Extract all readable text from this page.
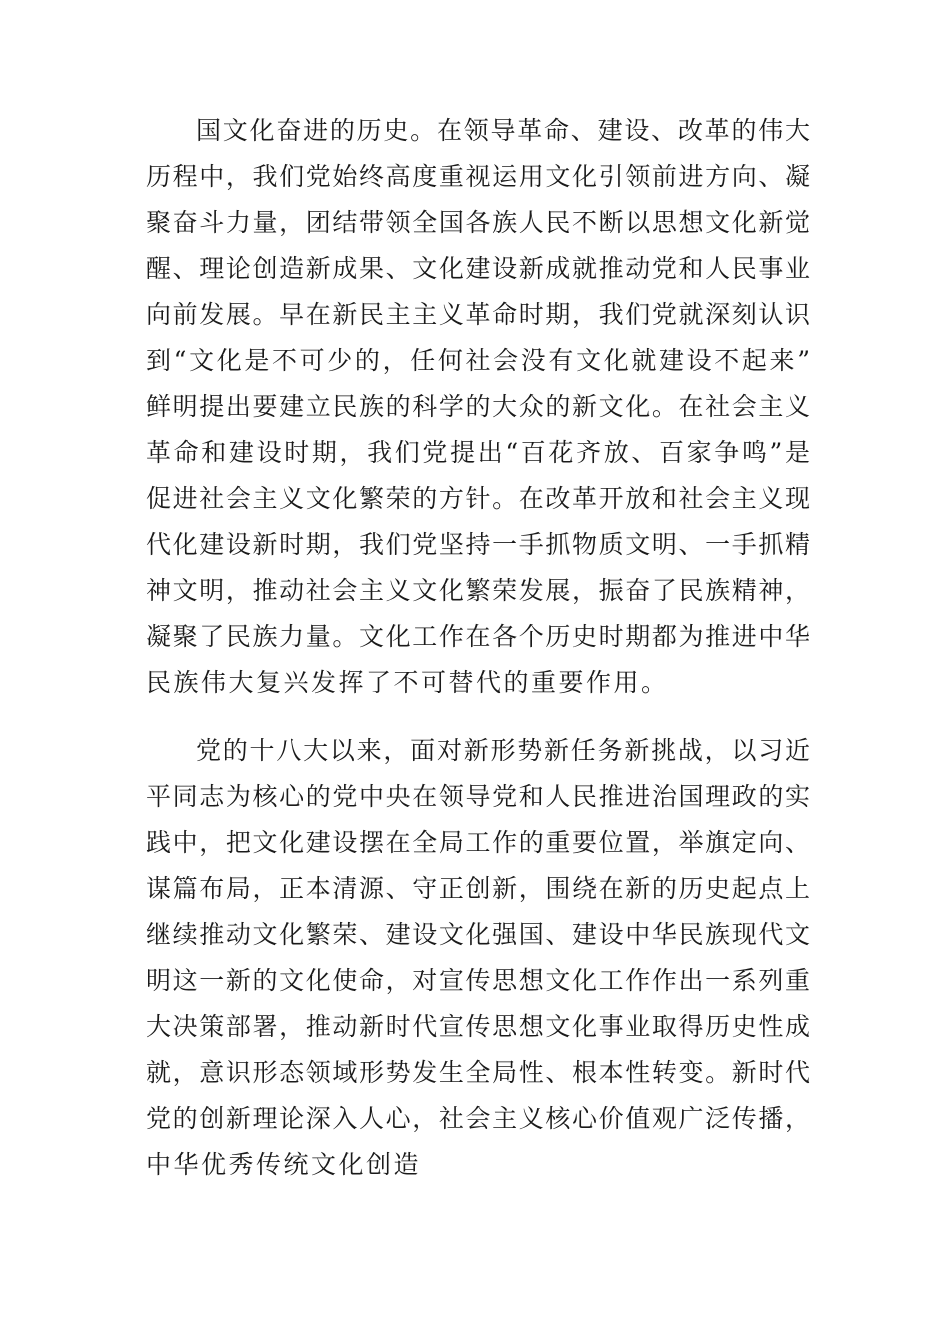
国文化奋进的历史。在领导革命、建设、改革的伟大
历程中，我们党始终高度重视运用文化引领前进方向、凝
聚奋斗力量，团结带领全国各族人民不断以思想文化新觉
醒、理论创造新成果、文化建设新成就推动党和人民事业
向前发展。早在新民主主义革命时期，我们党就深刻认识
到“文化是不可少的，任何社会没有文化就建设不起来”
鲜明提出要建立民族的科学的大众的新文化。在社会主义
革命和建设时期，我们党提出“百花齐放、百家争鸣”是
促进社会主义文化繁荣的方针。在改革开放和社会主义现
代化建设新时期，我们党坚持一手抓物质文明、一手抓精
神文明，推动社会主义文化繁荣发展，振奋了民族精神，
凝聚了民族力量。文化工作在各个历史时期都为推进中华
民族伟大复兴发挥了不可替代的重要作用。
党的十八大以来，面对新形势新任务新挑战，以习近
平同志为核心的党中央在领导党和人民推进治国理政的实
践中，把文化建设摆在全局工作的重要位置，举旗定向、
谋篇布局，正本清源、守正创新，围绕在新的历史起点上
继续推动文化繁荣、建设文化强国、建设中华民族现代文
明这一新的文化使命，对宣传思想文化工作作出一系列重
大决策部署，推动新时代宣传思想文化事业取得历史性成
就，意识形态领域形势发生全局性、根本性转变。新时代
党的创新理论深入人心，社会主义核心价值观广泛传播，
中华优秀传统文化创造
